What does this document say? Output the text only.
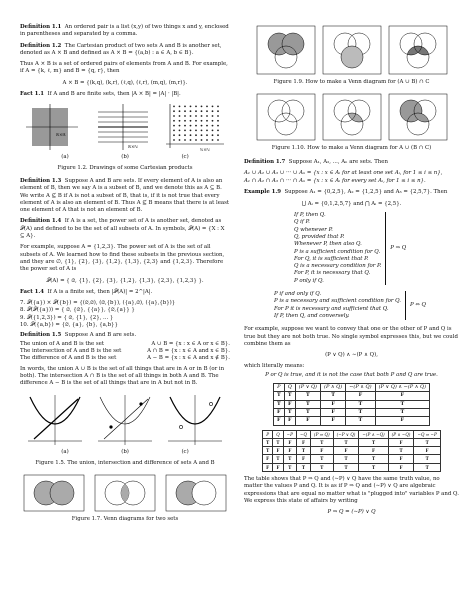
Definition 1.1 An ordered pair is a list (x,y) of two things x and y, enclosed in parentheses and separated by a comma.

Definition 1.2 The Cartesian product of two sets A and B is another set, denoted as A × B and defined as A × B = {(a,b) : a ∈ A, b ∈ B}.

Thus A × B is a set of ordered pairs of elements from A and B. For example, if A = {k, ℓ, m} and B = {q, r}, then

A × B = {(k,q), (k,r), (ℓ,q), (ℓ,r), (m,q), (m,r)}.

Fact 1.1 If A and B are finite sets, then |A × B| = |A| · |B|.

ℝ×ℝ
ℝ×ℕ
ℕ×ℕ
(a)	(b)	(c)

Figure 1.2. Drawings of some Cartesian products

Definition 1.3 Suppose A and B are sets. If every element of A is also an element of B, then we say A is a subset of B, and we denote this as A ⊆ B. We write A ⊈ B if A is not a subset of B, that is, if it is not true that every element of A is also an element of B. Thus A ⊈ B means that there is at least one element of A that is not an element of B.

Definition 1.4 If A is a set, the power set of A is another set, denoted as 𝒫(A) and defined to be the set of all subsets of A. In symbols, 𝒫(A) = {X : X ⊆ A}.

For example, suppose A = {1,2,3}. The power set of A is the set of all subsets of A. We learned how to find these subsets in the previous section, and they are ∅, {1}, {2}, {3}, {1,2}, {1,3}, {2,3} and {1,2,3}. Therefore the power set of A is

𝒫(A) = { ∅, {1}, {2}, {3}, {1,2}, {1,3}, {2,3}, {1,2,3} }.

Fact 1.4 If A is a finite set, then |𝒫(A)| = 2^|A|.

7. 𝒫({a}) × 𝒫({b}) = {(∅,∅), (∅,{b}), ({a},∅), ({a},{b})}
8. 𝒫(𝒫({a})) = { ∅, {∅}, {{a}}, {∅,{a}} }
9. 𝒫({1,2,3}) = { ∅, {1}, {2}, ... }
10. 𝒫({a,b}) = {∅, {a}, {b}, {a,b}}

Definition 1.5 Suppose A and B are sets.

The union of A and B is the set	A ∪ B = {x : x ∈ A or x ∈ B}.
The intersection of A and B is the set	A ∩ B = {x : x ∈ A and x ∈ B}.
The difference of A and B is the set	A − B = {x : x ∈ A and x ∉ B}.

In words, the union A ∪ B is the set of all things that are in A or in B (or in both). The intersection A ∩ B is the set of all things in both A and B. The difference A − B is the set of all things that are in A but not in B.

(a)	(b)	(c)

Figure 1.5. The union, intersection and difference of sets A and B

Figure 1.7. Venn diagrams for two sets

Figure 1.9. How to make a Venn diagram for (A ∪ B) ∩ C

Figure 1.10. How to make a Venn diagram for A ∪ (B ∩ C)

Definition 1.7 Suppose A₁, A₂, ..., Aₙ are sets. Then

A₁ ∪ A₂ ∪ A₃ ∪ ··· ∪ Aₙ = {x : x ∈ Aᵢ for at least one set Aᵢ, for 1 ≤ i ≤ n},

A₁ ∩ A₂ ∩ A₃ ∩ ··· ∩ Aₙ = {x : x ∈ Aᵢ for every set Aᵢ, for 1 ≤ i ≤ n}.

Example 1.9 Suppose A₁ = {0,2,5}, A₂ = {1,2,5} and A₃ = {2,5,7}. Then

⋃ Aᵢ = {0,1,2,5,7} and ⋂ Aᵢ = {2,5}.

If P, then Q.
Q if P.
Q whenever P.
Q, provided that P.
Whenever P, then also Q.
P is a sufficient condition for Q.
For Q, it is sufficient that P.
Q is a necessary condition for P.
For P, it is necessary that Q.
P only if Q.
P ⇒ Q
P if and only if Q.
P is a necessary and sufficient condition for Q.
For P it is necessary and sufficient that Q.
If P, then Q, and conversely.
P ⇔ Q

For example, suppose we want to convey that one or the other of P and Q is true but they are not both true. No single symbol expresses this, but we could combine them as

(P ∨ Q) ∧ ∼(P ∧ Q),

which literally means:

P or Q is true, and it is not the case that both P and Q are true.

P	Q	(P ∨ Q)	(P ∧ Q)	∼(P ∧ Q)	(P ∨ Q) ∧ ∼(P ∧ Q)
T	T	T	T	F	F
T	F	T	F	T	T
F	T	T	F	T	T
F	F	F	F	T	F
P	Q	∼P	∼Q	(P ⇒ Q)	(∼P ∨ Q)	∼(P ∧ ∼Q)	(P ∧ ∼Q)	∼Q ⇒ ∼P
T	T	F	F	T	T	T	F	T
T	F	F	T	F	F	F	T	F
F	T	T	F	T	T	T	F	T
F	F	T	T	T	T	T	F	T

The table shows that P ⇒ Q and (∼P) ∨ Q have the same truth value, no matter the values P and Q. It is as if P ⇒ Q and (∼P) ∨ Q are algebraic expressions that are equal no matter what is "plugged into" variables P and Q. We express this state of affairs by writing

P ⇒ Q = (∼P) ∨ Q
